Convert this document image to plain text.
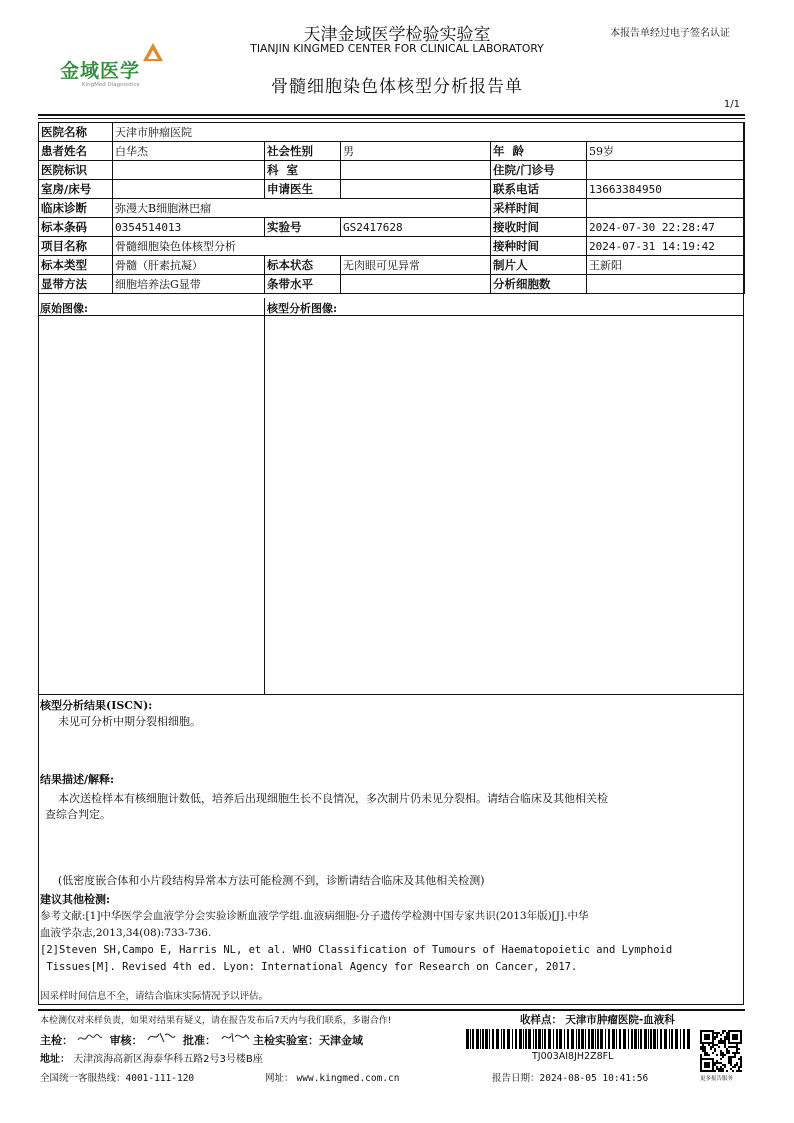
金域医学
KingMed Diagnostics
天津金域医学检验实验室
TIANJIN KINGMED CENTER FOR CLINICAL LABORATORY
本报告单经过电子签名认证
骨髓细胞染色体核型分析报告单
1/1
医院名称	天津市肿瘤医院				
患者姓名	白华杰	社会性别	男	年  龄	59岁
医院标识		科  室		住院/门诊号	
室房/床号		申请医生		联系电话	13663384950
临床诊断	弥漫大B细胞淋巴瘤			采样时间	
标本条码	0354514013	实验号	GS2417628	接收时间	2024-07-30 22:28:47
项目名称	骨髓细胞染色体核型分析			接种时间	2024-07-31 14:19:42
标本类型	骨髓（肝素抗凝）	标本状态	无肉眼可见异常	制片人	王新阳
显带方法	细胞培养法G显带	条带水平		分析细胞数	
原始图像:	核型分析图像:
核型分析结果(ISCN):
未见可分析中期分裂相细胞。
结果描述/解释:
本次送检样本有核细胞计数低，培养后出现细胞生长不良情况，多次制片仍未见分裂相。请结合临床及其他相关检
查综合判定。
(低密度嵌合体和小片段结构异常本方法可能检测不到，诊断请结合临床及其他相关检测)
建议其他检测:
参考文献:[1]中华医学会血液学分会实验诊断血液学学组.血液病细胞-分子遗传学检测中国专家共识(2013年版)[J].中华
血液学杂志,2013,34(08):733-736.
[2]Steven SH,Campo E, Harris NL, et al. WHO Classification of Tumours of Haematopoietic and Lymphoid
Tissues[M]. Revised 4th ed. Lyon: International Agency for Research on Cancer, 2017.
因采样时间信息不全，请结合临床实际情况予以评估。
本检测仅对来样负责，如果对结果有疑义，请在报告发布后7天内与我们联系，多谢合作!	收样点： 天津市肿瘤医院-血液科
主检：	审核：	批准：	主检实验室：天津金域
地址： 天津滨海高新区海泰华科五路2号3号楼B座
全国统一客服热线：4001-111-120	网址： www.kingmed.com.cn	报告日期：2024-08-05 10:41:56
TJ003AI8JH2Z8FL
更多报告服务
